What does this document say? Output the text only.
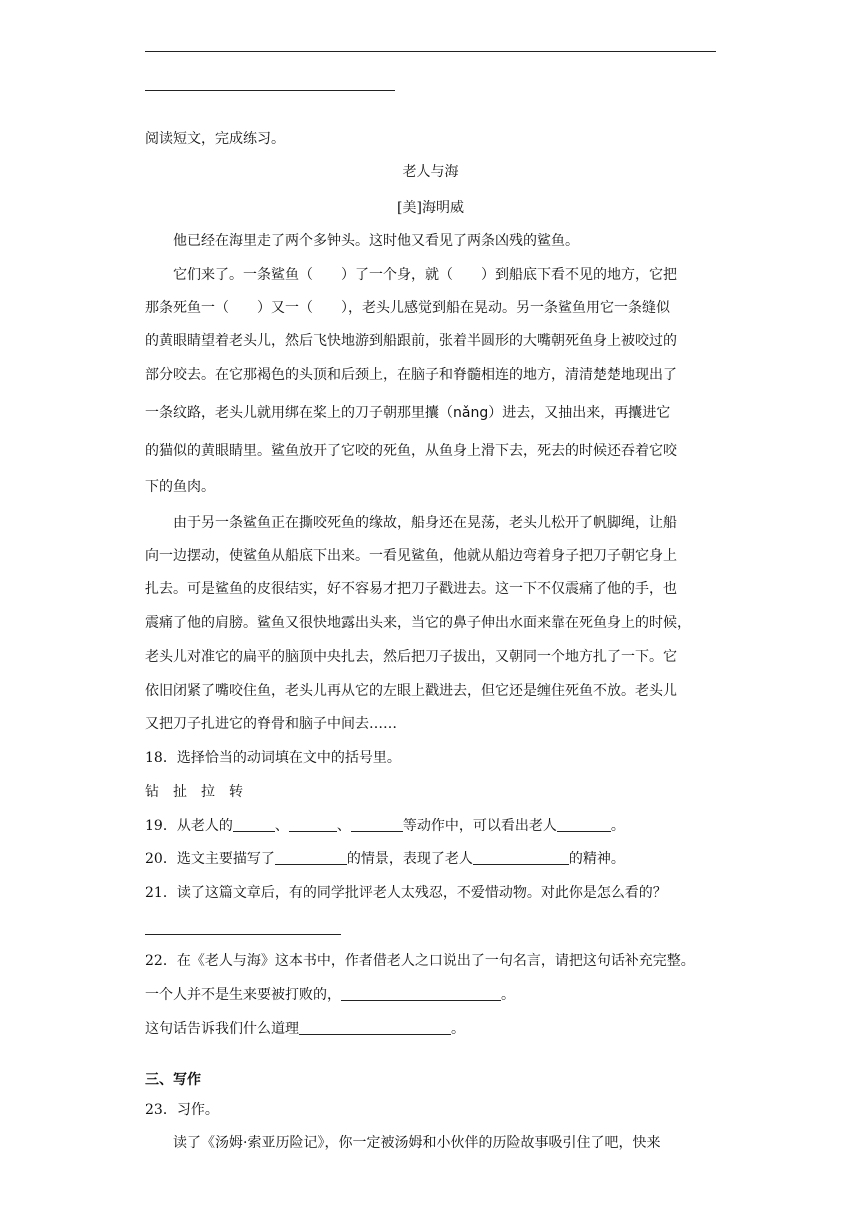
阅读短文，完成练习。
老人与海
[美]海明威
他已经在海里走了两个多钟头。这时他又看见了两条凶残的鲨鱼。
它们来了。一条鲨鱼（　　）了一个身，就（　　）到船底下看不见的地方，它把
那条死鱼一（　　）又一（　　），老头儿感觉到船在晃动。另一条鲨鱼用它一条缝似
的黄眼睛望着老头儿，然后飞快地游到船跟前，张着半圆形的大嘴朝死鱼身上被咬过的
部分咬去。在它那褐色的头顶和后颈上，在脑子和脊髓相连的地方，清清楚楚地现出了
一条纹路，老头儿就用绑在桨上的刀子朝那里攮（nǎng）进去，又抽出来，再攮进它
的猫似的黄眼睛里。鲨鱼放开了它咬的死鱼，从鱼身上滑下去，死去的时候还吞着它咬
下的鱼肉。
由于另一条鲨鱼正在撕咬死鱼的缘故，船身还在晃荡，老头儿松开了帆脚绳，让船
向一边摆动，使鲨鱼从船底下出来。一看见鲨鱼，他就从船边弯着身子把刀子朝它身上
扎去。可是鲨鱼的皮很结实，好不容易才把刀子戳进去。这一下不仅震痛了他的手，也
震痛了他的肩膀。鲨鱼又很快地露出头来，当它的鼻子伸出水面来靠在死鱼身上的时候，
老头儿对准它的扁平的脑顶中央扎去，然后把刀子拔出，又朝同一个地方扎了一下。它
依旧闭紧了嘴咬住鱼，老头儿再从它的左眼上戳进去，但它还是缠住死鱼不放。老头儿
又把刀子扎进它的脊骨和脑子中间去……
18．选择恰当的动词填在文中的括号里。
钻　扯　拉　转
19．从老人的	、	、	等动作中，可以看出老人	。
20．选文主要描写了	的情景，表现了老人	的精神。
21．读了这篇文章后，有的同学批评老人太残忍，不爱惜动物。对此你是怎么看的？
22．在《老人与海》这本书中，作者借老人之口说出了一句名言，请把这句话补充完整。
一个人并不是生来要被打败的，	。
这句话告诉我们什么道理	。
三、写作
23．习作。
读了《汤姆·索亚历险记》，你一定被汤姆和小伙伴的历险故事吸引住了吧，快来
